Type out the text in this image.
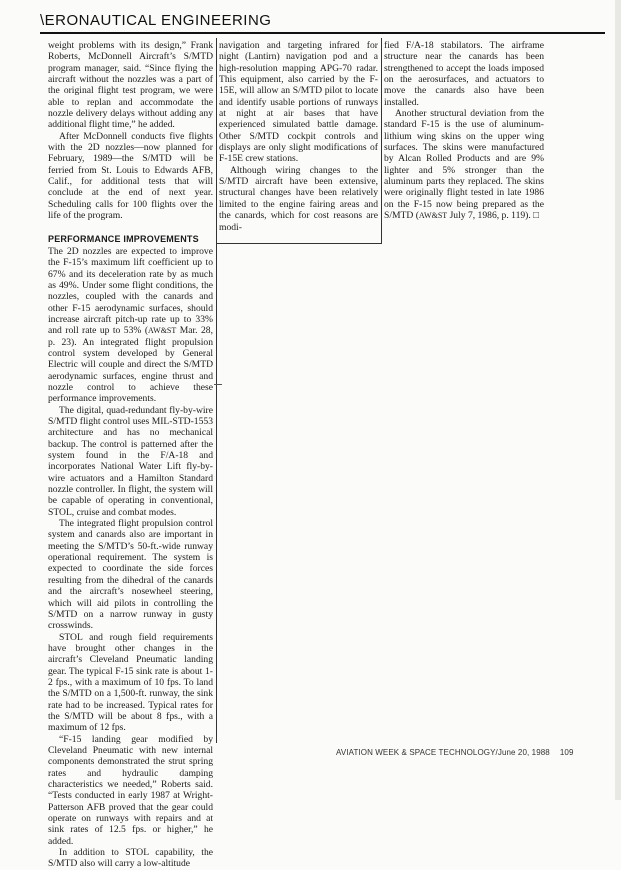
\ERONAUTICAL ENGINEERING

weight problems with its design,” Frank Roberts, McDonnell Aircraft’s S/MTD program manager, said. “Since flying the aircraft without the nozzles was a part of the original flight test program, we were able to replan and accommodate the nozzle delivery delays without adding any additional flight time,” he added.

After McDonnell conducts five flights with the 2D nozzles—now planned for February, 1989—the S/MTD will be ferried from St. Louis to Edwards AFB, Calif., for additional tests that will conclude at the end of next year. Scheduling calls for 100 flights over the life of the program.

PERFORMANCE IMPROVEMENTS

The 2D nozzles are expected to improve the F-15’s maximum lift coefficient up to 67% and its deceleration rate by as much as 49%. Under some flight conditions, the nozzles, coupled with the canards and other F-15 aerodynamic surfaces, should increase aircraft pitch-up rate up to 33% and roll rate up to 53% (AW&ST Mar. 28, p. 23). An integrated flight propulsion control system developed by General Electric will couple and direct the S/MTD aerodynamic surfaces, engine thrust and nozzle control to achieve these performance improvements.

The digital, quad-redundant fly-by-wire S/MTD flight control uses MIL-STD-1553 architecture and has no mechanical backup. The control is patterned after the system found in the F/A-18 and incorporates National Water Lift fly-by-wire actuators and a Hamilton Standard nozzle controller. In flight, the system will be capable of operating in conventional, STOL, cruise and combat modes.

The integrated flight propulsion control system and canards also are important in meeting the S/MTD’s 50-ft.-wide runway operational requirement. The system is expected to coordinate the side forces resulting from the dihedral of the canards and the aircraft’s nosewheel steering, which will aid pilots in controlling the S/MTD on a narrow runway in gusty crosswinds.

STOL and rough field requirements have brought other changes in the aircraft’s Cleveland Pneumatic landing gear. The typical F-15 sink rate is about 1-2 fps., with a maximum of 10 fps. To land the S/MTD on a 1,500-ft. runway, the sink rate had to be increased. Typical rates for the S/MTD will be about 8 fps., with a maximum of 12 fps.

“F-15 landing gear modified by Cleveland Pneumatic with new internal components demonstrated the strut spring rates and hydraulic damping characteristics we needed,” Roberts said. “Tests conducted in early 1987 at Wright-Patterson AFB proved that the gear could operate on runways with repairs and at sink rates of 12.5 fps. or higher,” he added.

In addition to STOL capability, the S/MTD also will carry a low-altitude

navigation and targeting infrared for night (Lantirn) navigation pod and a high-resolution mapping APG-70 radar. This equipment, also carried by the F-15E, will allow an S/MTD pilot to locate and identify usable portions of runways at night at air bases that have experienced simulated battle damage. Other S/MTD cockpit controls and displays are only slight modifications of F-15E crew stations.

Although wiring changes to the S/MTD aircraft have been extensive, structural changes have been relatively limited to the engine fairing areas and the canards, which for cost reasons are modi-

fied F/A-18 stabilators. The airframe structure near the canards has been strengthened to accept the loads imposed on the aerosurfaces, and actuators to move the canards also have been installed.

Another structural deviation from the standard F-15 is the use of aluminum-lithium wing skins on the upper wing surfaces. The skins were manufactured by Alcan Rolled Products and are 9% lighter and 5% stronger than the aluminum parts they replaced. The skins were originally flight tested in late 1986 on the F-15 now being prepared as the S/MTD (AW&ST July 7, 1986, p. 119). □

AVIATION WEEK & SPACE TECHNOLOGY/June 20, 1988 109
